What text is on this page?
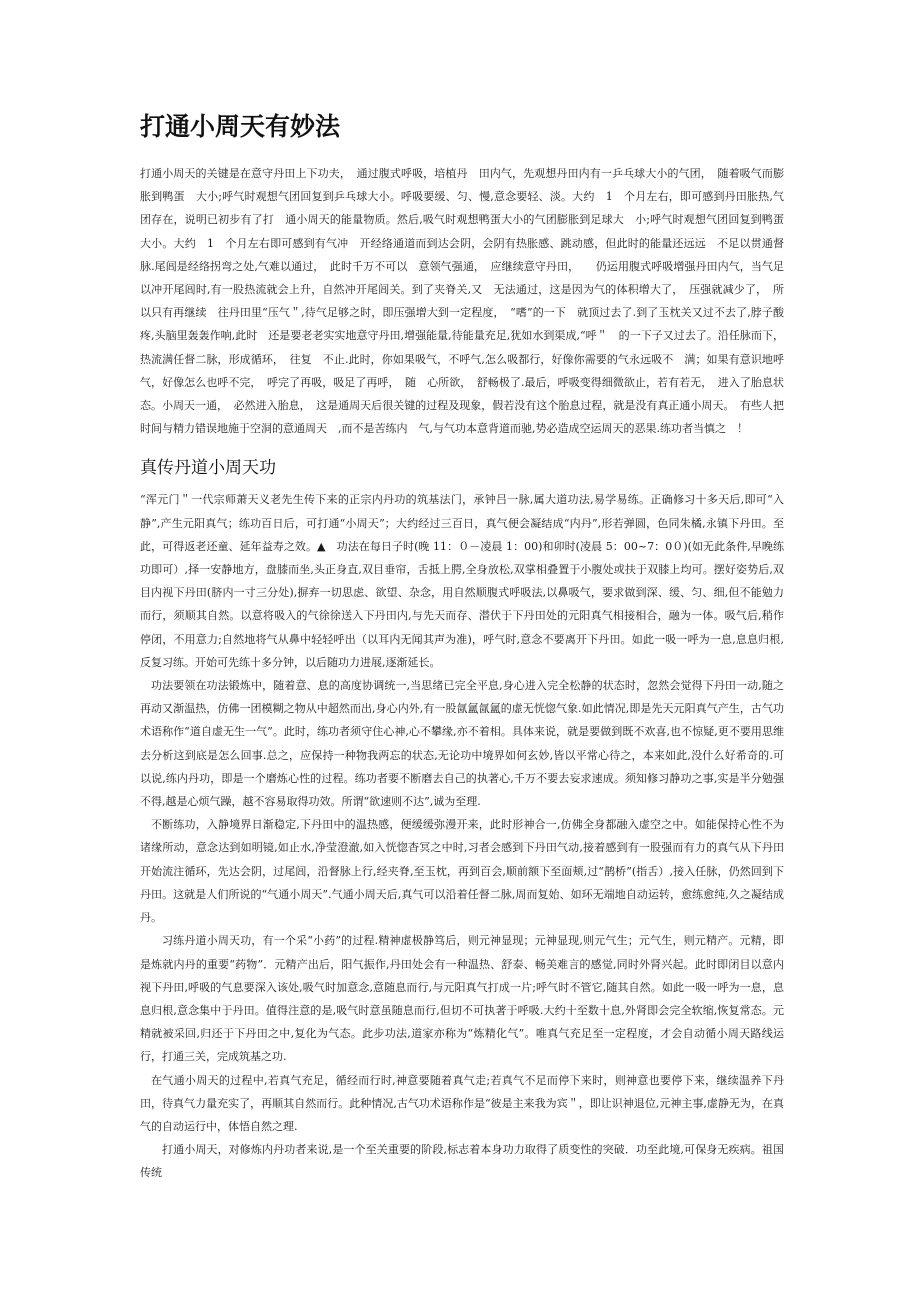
打通小周天有妙法

打通小周天的关键是在意守丹田上下功夫，　通过腹式呼吸，培植丹　田内气，先观想丹田内有一乒乓球大小的气团，　随着吸气而膨胀到鸭蛋　大小;呼气时观想气团回复到乒乓球大小。呼吸要缓、匀、慢,意念要轻、淡。大约　1　个月左右，即可感到丹田胀热,气团存在，说明已初步有了打　通小周天的能量物质。然后,吸气时观想鸭蛋大小的气团膨胀到足球大　小;呼气时观想气团回复到鸭蛋大小。大约　1　个月左右即可感到有气冲　开经络通道而到达会阴，会阴有热胀感、跳动感，但此时的能量还远远　不足以贯通督脉.尾闾是经络拐弯之处,气难以通过，　此时千万不可以　意领气强通，　应继续意守丹田，　　仍运用腹式呼吸增强丹田内气，当气足　以冲开尾闾时,有一股热流就会上升，自然冲开尾闾关。到了夹脊关,又　无法通过，这是因为气的体积增大了，　压强就减少了，　所以只有再继续　往丹田里“压气＂,待气足够之时，即压强增大到一定程度，　“嗜”的一下　就顶过去了.到了玉枕关又过不去了,脖子酸疼,头脑里轰轰作响,此时　还是要老老实实地意守丹田,增强能量,待能量充足,犹如水到渠成,“呼＂　的一下子又过去了。沿任脉而下，热流满任督二脉，形成循环，　往复　不止.此时，你如果吸气，不呼气,怎么吸都行，好像你需要的气永远吸不　满；如果有意识地呼气，好像怎么也呼不完，　呼完了再吸，吸足了再呼，　随　心所欲，　舒畅极了.最后，呼吸变得细微欲止，若有若无，　进入了胎息状　态。小周天一通，　必然进入胎息，　这是通周天后很关键的过程及现象，假若没有这个胎息过程，就是没有真正通小周天。　有些人把时间与精力错误地施于空洞的意通周天　,而不是苦练内　气,与气功本意背道而驰,势必造成空运周天的恶果.练功者当慎之　！

真传丹道小周天功

“浑元门＂一代宗师萧天义老先生传下来的正宗内丹功的筑基法门，承钟吕一脉,属大道功法,易学易练。正确修习十多天后,即可“入静”,产生元阳真气；练功百日后，可打通“小周天”；大约经过三百日，真气便会凝结成“内丹”,形若弹圆，色同朱橘,永镇下丹田。至此，可得返老还童、延年益寿之效。▲　功法在每日子时(晚 11：０－凌晨 1：00)和卯时(凌晨 5：00~7：0０)(如无此条件,早晚练功即可）,择一安静地方，盘膝而坐,头正身直,双目垂帘，舌抵上腭,全身放松,双掌相叠置于小腹处或扶于双膝上均可。摆好姿势后,双目内视下丹田(脐内一寸三分处),摒弃一切思虑、欲望、杂念，用自然顺腹式呼吸法,以鼻吸气，要求做到深、缓、匀、细,但不能勉力而行，须顺其自然。以意将吸入的气徐徐送入下丹田内,与先天而存、潜伏于下丹田处的元阳真气相接相合，融为一体。吸气后,稍作停闭，不用意力;自然地将气从鼻中轻轻呼出（以耳内无闻其声为准)，呼气时,意念不要离开下丹田。如此一吸一呼为一息,息息归根,反复习练。开始可先练十多分钟，以后随功力进展,逐渐延长。

功法要领在功法锻炼中，随着意、息的高度协调统一,当思绪已完全平息,身心进入完全松静的状态时，忽然会觉得下丹田一动,随之再动又渐温热，仿佛一团模糊之物从中超然而出,身心内外,有一股氤氲氤氲的虚无恍惚气象.如此情况,即是先天元阳真气产生，古气功术语称作“道自虚无生一气”。此时，练功者须守住心神,心不攀缘,亦不着相。具体来说，就是要做到既不欢喜,也不惊疑,更不要用思维去分析这到底是怎么回事.总之，应保持一种物我两忘的状态,无论功中境界如何玄妙,皆以平常心待之，本来如此,没什么好希奇的.可以说,练内丹功，即是一个磨炼心性的过程。练功者要不断磨去自己的执著心,千万不要去妄求速成。须知修习静功之事,实是半分勉强不得,越是心烦气躁，越不容易取得功效。所谓“欲速则不达”,诚为至理.

不断练功，入静境界日渐稳定,下丹田中的温热感，便缓缓弥漫开来，此时形神合一,仿佛全身都融入虚空之中。如能保持心性不为诸缘所动，意念达到如明镜,如止水,净莹澄澈,如入恍惚杳冥之中时,习者会感到下丹田气动,接着感到有一股强而有力的真气从下丹田开始流注循环，先达会阴，过尾闾，沿督脉上行,经夹脊,至玉枕，再到百会,顺前额下至面颊,过“鹊桥”(指舌）,接入任脉，仍然回到下丹田。这就是人们所说的“气通小周天”.气通小周天后,真气可以沿着任督二脉,周而复始、如环无端地自动运转，愈练愈纯,久之凝结成丹。

习练丹道小周天功，有一个采“小药”的过程.精神虚极静笃后，则元神显现；元神显现,则元气生；元气生，则元精产。元精，即是炼就内丹的重要“药物”．元精产出后，阳气振作,丹田处会有一种温热、舒泰、畅美难言的感觉,同时外肾兴起。此时即闭目以意内视下丹田,呼吸的气息要深入该处,吸气时加意念,意随息而行,与元阳真气打成一片;呼气时不管它,随其自然。如此一吸一呼为一息，息息归根,意念集中于丹田。值得注意的是,吸气时意虽随息而行,但切不可执著于呼吸.大约十至数十息,外肾即会完全软缩,恢复常态。元精就被采回,归还于下丹田之中,复化为气态。此步功法,道家亦称为“炼精化气”。唯真气充足至一定程度，才会自动循小周天路线运行，打通三关，完成筑基之功.

在气通小周天的过程中,若真气充足，循经而行时,神意要随着真气走;若真气不足而停下来时，则神意也要停下来，继续温养下丹田，待真气力量充实了，再顺其自然而行。此种情况,古气功术语称作是“彼是主来我为宾＂，即让识神退位,元神主事,虚静无为，在真气的自动运行中，体悟自然之理.

打通小周天，对修炼内丹功者来说,是一个至关重要的阶段,标志着本身功力取得了质变性的突破．功至此境,可保身无疾病。祖国传统
